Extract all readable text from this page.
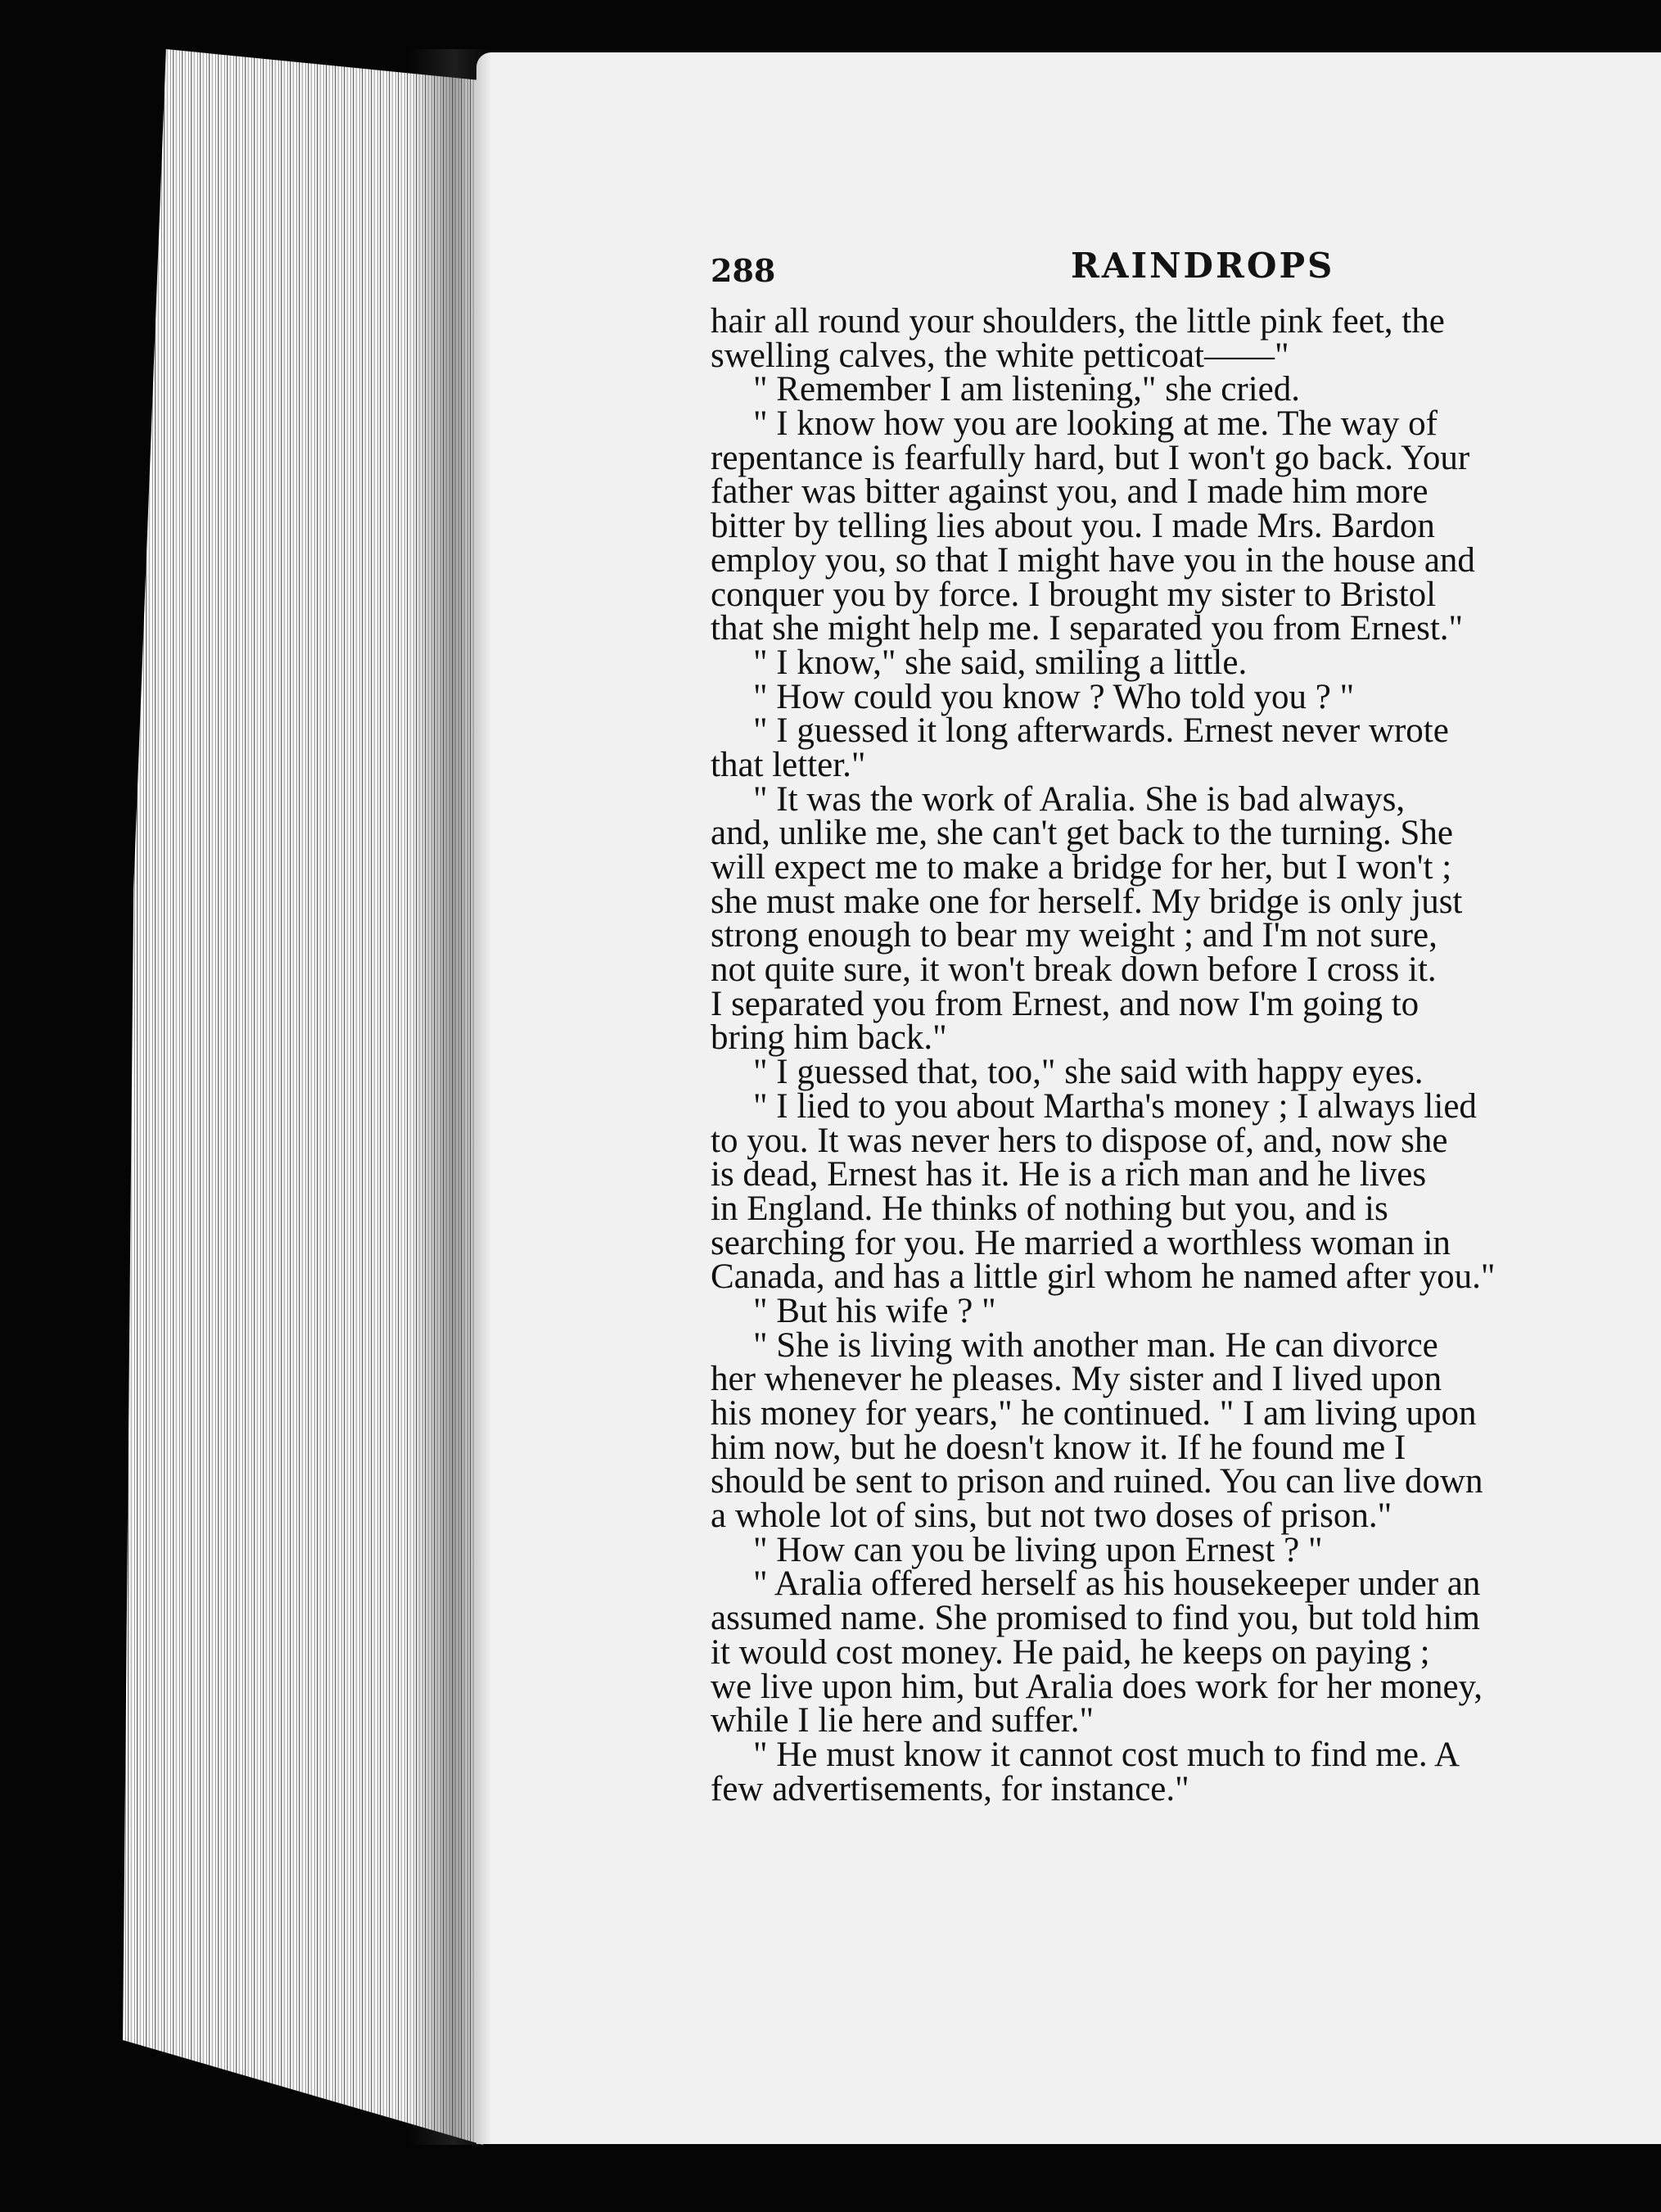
288	RAINDROPS
hair all round your shoulders, the little pink feet, the
swelling calves, the white petticoat——"
" Remember I am listening," she cried.
" I know how you are looking at me. The way of
repentance is fearfully hard, but I won't go back. Your
father was bitter against you, and I made him more
bitter by telling lies about you. I made Mrs. Bardon
employ you, so that I might have you in the house and
conquer you by force. I brought my sister to Bristol
that she might help me. I separated you from Ernest."
" I know," she said, smiling a little.
" How could you know ? Who told you ? "
" I guessed it long afterwards. Ernest never wrote
that letter."
" It was the work of Aralia. She is bad always,
and, unlike me, she can't get back to the turning. She
will expect me to make a bridge for her, but I won't ;
she must make one for herself. My bridge is only just
strong enough to bear my weight ; and I'm not sure,
not quite sure, it won't break down before I cross it.
I separated you from Ernest, and now I'm going to
bring him back."
" I guessed that, too," she said with happy eyes.
" I lied to you about Martha's money ; I always lied
to you. It was never hers to dispose of, and, now she
is dead, Ernest has it. He is a rich man and he lives
in England. He thinks of nothing but you, and is
searching for you. He married a worthless woman in
Canada, and has a little girl whom he named after you."
" But his wife ? "
" She is living with another man. He can divorce
her whenever he pleases. My sister and I lived upon
his money for years," he continued. " I am living upon
him now, but he doesn't know it. If he found me I
should be sent to prison and ruined. You can live down
a whole lot of sins, but not two doses of prison."
" How can you be living upon Ernest ? "
" Aralia offered herself as his housekeeper under an
assumed name. She promised to find you, but told him
it would cost money. He paid, he keeps on paying ;
we live upon him, but Aralia does work for her money,
while I lie here and suffer."
" He must know it cannot cost much to find me. A
few advertisements, for instance."
